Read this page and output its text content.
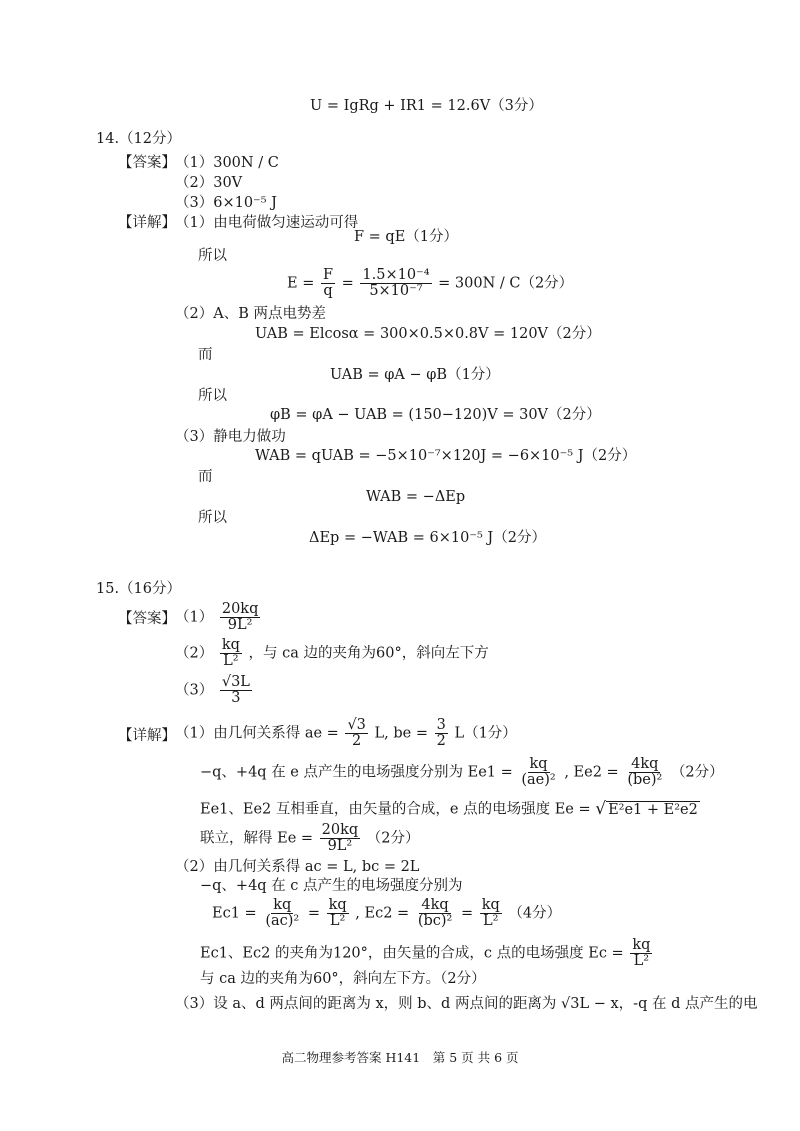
U = IgRg + IR1 = 12.6V（3分）
14.（12分）
【答案】 （1）300N / C
（2）30V
（3）6×10⁻⁵ J
【详解】 （1）由电荷做匀速运动可得
F = qE（1分）
所以
$E = \frac{F}{q} = \frac{\text{1.5×10⁻⁴}}{\text{5×10⁻⁷}} = 300N / C(2$分）
（2）A、B 两点电势差
UAB = Elcosα = 300×0.5×0.8V = 120V（2分）
而
UAB = φA − φB（1分）
所以
φB = φA − UAB = (150−120)V = 30V（2分）
（3）静电力做功
WAB = qUAB = −5×10⁻⁷×120J = −6×10⁻⁵ J（2分）
而
WAB = −ΔEp
所以
ΔEp = −WAB = 6×10⁻⁵ J（2分）
15.（16分）
【答案】 $(1) \frac{20kq}{\text{9L²}}$
$(2) \frac{kq}{\text{L²}}$ ，与 ca 边的夹角为60°，斜向左下方
$(3) \frac{√3L}{3}$
【详解】 （1）由几何关系得 ae = $\frac{√3}{2} L$, be = $\frac{3}{2} L(1$分）
−q、+4q 在 e 点产生的电场强度分别为 $Ee1 = \frac{kq}{\text{(ae)²}}$ , $Ee2 = \frac{4kq}{\text{(be)²}} (2$分）
Ee1、Ee2 互相垂直，由矢量的合成，e 点的电场强度 Ee = √ E²e1 + E²e2
联立，解得 $Ee = \frac{20kq}{\text{9L²}} (2$分）
（2）由几何关系得 ac = L, bc = 2L
−q、+4q 在 c 点产生的电场强度分别为
$Ec1 = \frac{kq}{\text{(ac)²}} = \frac{kq}{\text{L²}}$ , $Ec2 = \frac{4kq}{\text{(bc)²}} = \frac{kq}{\text{L²}} (4$分）
Ec1、Ec2 的夹角为120°，由矢量的合成，c 点的电场强度 $Ec = \frac{kq}{\text{L²}}$
与 ca 边的夹角为60°，斜向左下方。（2分）
（3）设 a、d 两点间的距离为 x，则 b、d 两点间的距离为 √3L − x，-q 在 d 点产生的电
高二物理参考答案 H141　第 5 页 共 6 页
